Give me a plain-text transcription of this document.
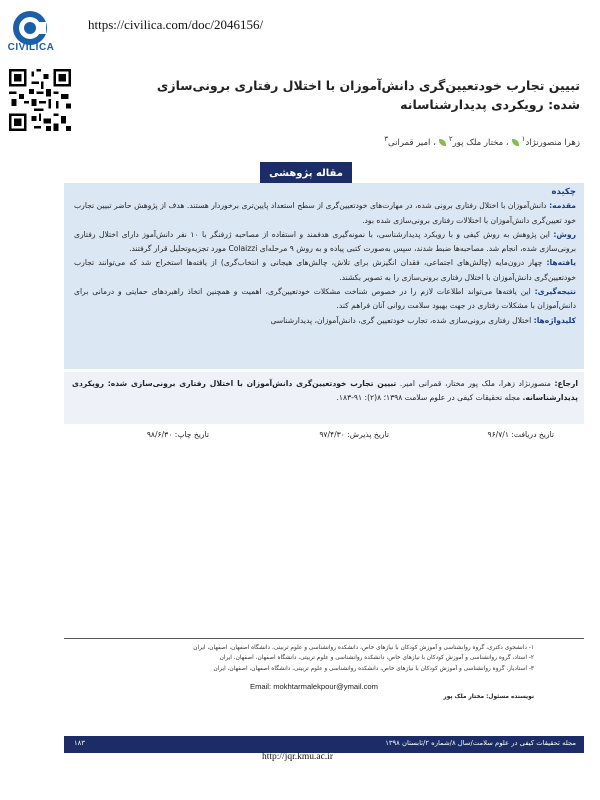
CIVILICA
https://civilica.com/doc/2046156/
تبیین تجارب خودتعیین‌گری دانش‌آموزان با اختلال رفتاری برونی‌سازی شده: رویکردی پدیدارشناسانه
زهرا منصورنژاد$^۱$، مختار ملک پور$^۲$، امیر قمرانی$^۳$
مقاله پژوهشی
چکیده
مقدمه: دانش‌آموزان با اختلال رفتاری برونی شده، در مهارت‌های خودتعیین‌گری از سطح استعداد پایین‌تری برخوردار هستند. هدف از پژوهش حاضر تبیین تجارب خود تعیین‌گری دانش‌آموزان با اختلالات رفتاری برونی‌سازی شده بود.
روش: این پژوهش به روش کیفی و با رویکرد پدیدارشناسی، با نمونه‌گیری هدفمند و استفاده از مصاحبه ژرفنگر با ۱۰ نفر دانش‌آموز دارای اختلال رفتاری برونی‌سازی شده، انجام شد. مصاحبه‌ها ضبط شدند، سپس به‌صورت کتبی پیاده و به روش ۹ مرحله‌ای Colaizzi مورد تجزیه‌وتحلیل قرار گرفتند.
یافته‌ها: چهار درون‌مایه (چالش‌های اجتماعی، فقدان انگیزش برای تلاش، چالش‌های هیجانی و انتخاب‌گری) از یافته‌ها استخراج شد که می‌توانند تجارب خودتعیین‌گری دانش‌آموزان با اختلال رفتاری برونی‌سازی را به تصویر بکشند.
نتیجه‌گیری: این یافته‌ها می‌تواند اطلاعات لازم را در خصوص شناخت مشکلات خودتعیین‌گری، اهمیت و همچنین اتخاذ راهبردهای حمایتی و درمانی برای دانش‌آموزان با مشکلات رفتاری در جهت بهبود سلامت روانی آنان فراهم کند.
کلیدواژه‌ها: اختلال رفتاری برونی‌سازی شده، تجارب خودتعیین گری، دانش‌آموزان، پدیدارشناسی
ارجاع: منصورنژاد زهرا، ملک پور مختار، قمرانی امیر. تبیین تجارب خودتعیین‌گری دانش‌آموزان با اختلال رفتاری برونی‌سازی شده: رویکردی پدیدارشناسانه. مجله تحقیقات کیفی در علوم سلامت ۱۳۹۸؛ ۸(۲): ۹۱-۱۸۳.
تاریخ دریافت: ۹۶/۷/۱
تاریخ پذیرش: ۹۷/۴/۳۰
تاریخ چاپ: ۹۸/۶/۳۰
۱- دانشجوی دکتری، گروه روانشناسی و آموزش کودکان با نیازهای خاص، دانشکده روانشناسی و علوم تربیتی، دانشگاه اصفهان، اصفهان، ایران
۲- استاد، گروه روانشناسی و آموزش کودکان با نیازهای خاص، دانشکده روانشناسی و علوم تربیتی، دانشگاه اصفهان، اصفهان، ایران
۳- استادیار، گروه روانشناسی و آموزش کودکان با نیازهای خاص، دانشکده روانشناسی و علوم تربیتی، دانشگاه اصفهان، اصفهان، ایران
Email: mokhtarmalekpour@ymail.com
نویسنده مسئول: مختار ملک پور
مجله تحقیقات کیفی در علوم سلامت/سال ۸/شماره ۲/تابستان ۱۳۹۸
۱۸۳
http://jqr.kmu.ac.ir
